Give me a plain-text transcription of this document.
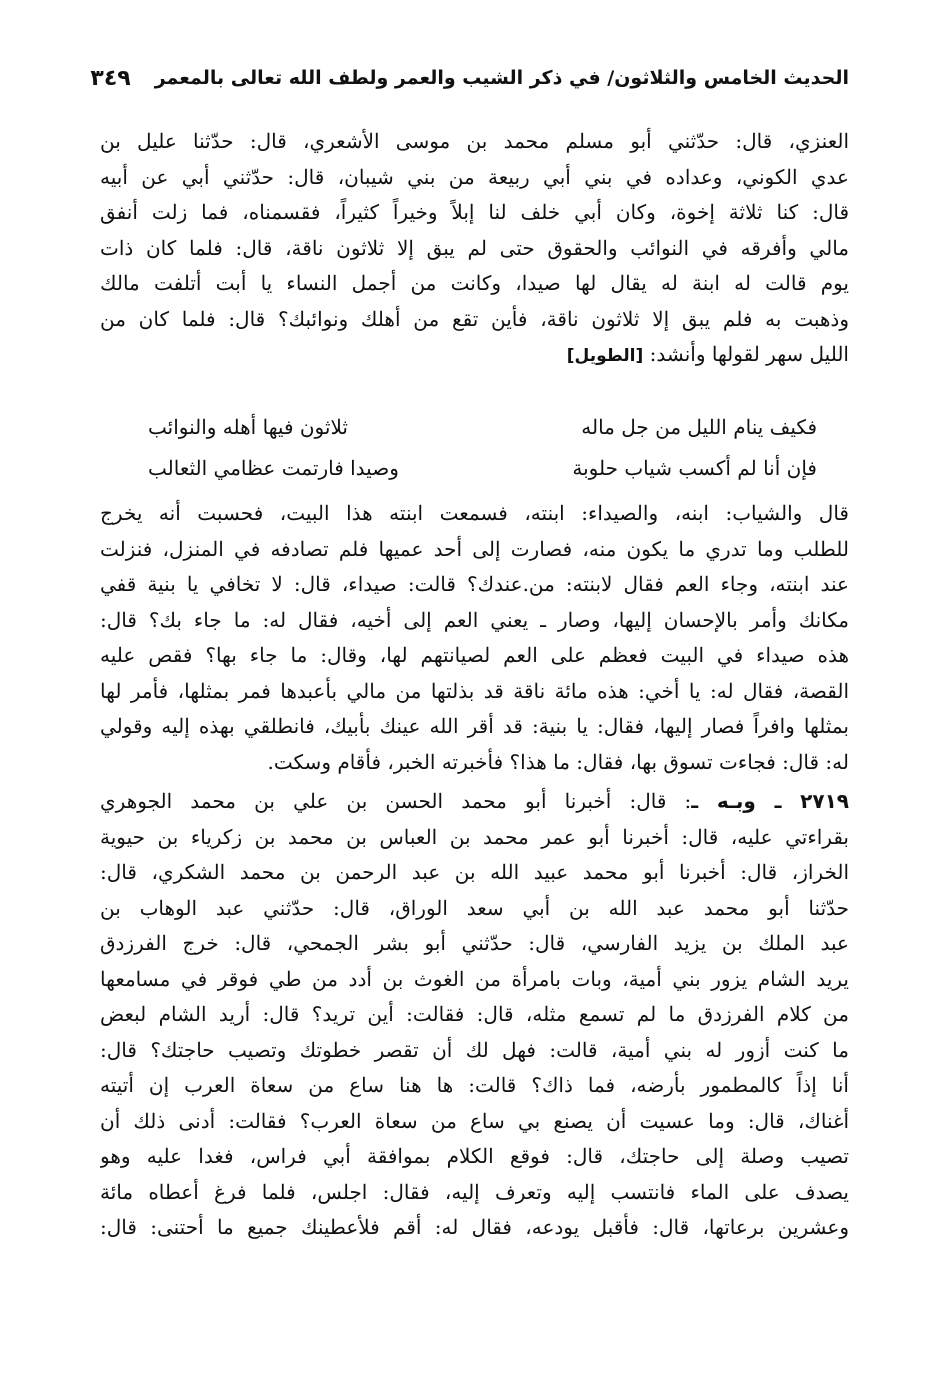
الحديث الخامس والثلاثون/ في ذكر الشيب والعمر ولطف الله تعالى بالمعمر
٣٤٩
العنزي، قال: حدّثني أبو مسلم محمد بن موسى الأشعري، قال: حدّثنا عليل بن
عدي الكوني، وعداده في بني أبي ربيعة من بني شيبان، قال: حدّثني أبي عن أبيه
قال: كنا ثلاثة إخوة، وكان أبي خلف لنا إبلاً وخيراً كثيراً، فقسمناه، فما زلت أنفق
مالي وأفرقه في النوائب والحقوق حتى لم يبق إلا ثلاثون ناقة، قال: فلما كان ذات
يوم قالت له ابنة له يقال لها صيدا، وكانت من أجمل النساء يا أبت أتلفت مالك
وذهبت به فلم يبق إلا ثلاثون ناقة، فأين تقع من أهلك ونوائبك؟ قال: فلما كان من
الليل سهر لقولها وأنشد: [الطويل]
فكيف ينام الليل من جل ماله
ثلاثون فيها أهله والنوائب
فإن أنا لم أكسب شياب حلوبة
وصيدا فارتمت عظامي الثعالب
قال والشياب: ابنه، والصيداء: ابنته، فسمعت ابنته هذا البيت، فحسبت أنه يخرج
للطلب وما تدري ما يكون منه، فصارت إلى أحد عميها فلم تصادفه في المنزل، فنزلت
عند ابنته، وجاء العم فقال لابنته: من.عندك؟ قالت: صيداء، قال: لا تخافي يا بنية قفي
مكانك وأمر بالإحسان إليها، وصار ـ يعني العم إلى أخيه، فقال له: ما جاء بك؟ قال:
هذه صيداء في البيت فعظم على العم لصيانتهم لها، وقال: ما جاء بها؟ فقص عليه
القصة، فقال له: يا أخي: هذه مائة ناقة قد بذلتها من مالي بأعبدها فمر بمثلها، فأمر لها
بمثلها وافراً فصار إليها، فقال: يا بنية: قد أقر الله عينك بأبيك، فانطلقي بهذه إليه وقولي
له: قال: فجاءت تسوق بها، فقال: ما هذا؟ فأخبرته الخبر، فأقام وسكت.
٢٧١٩ ـ وبـه ـ: قال: أخبرنا أبو محمد الحسن بن علي بن محمد الجوهري
بقراءتي عليه، قال: أخبرنا أبو عمر محمد بن العباس بن محمد بن زكرياء بن حيوية
الخراز، قال: أخبرنا أبو محمد عبيد الله بن عبد الرحمن بن محمد الشكري، قال:
حدّثنا أبو محمد عبد الله بن أبي سعد الوراق، قال: حدّثني عبد الوهاب بن
عبد الملك بن يزيد الفارسي، قال: حدّثني أبو بشر الجمحي، قال: خرج الفرزدق
يريد الشام يزور بني أمية، وبات بامرأة من الغوث بن أدد من طي فوقر في مسامعها
من كلام الفرزدق ما لم تسمع مثله، قال: فقالت: أين تريد؟ قال: أريد الشام لبعض
ما كنت أزور له بني أمية، قالت: فهل لك أن تقصر خطوتك وتصيب حاجتك؟ قال:
أنا إذاً كالمطمور بأرضه، فما ذاك؟ قالت: ها هنا ساع من سعاة العرب إن أتيته
أغناك، قال: وما عسيت أن يصنع بي ساع من سعاة العرب؟ فقالت: أدنى ذلك أن
تصيب وصلة إلى حاجتك، قال: فوقع الكلام بموافقة أبي فراس، فغدا عليه وهو
يصدف على الماء فانتسب إليه وتعرف إليه، فقال: اجلس، فلما فرغ أعطاه مائة
وعشرين برعاتها، قال: فأقبل يودعه، فقال له: أقم فلأعطينك جميع ما أحتنى: قال:
